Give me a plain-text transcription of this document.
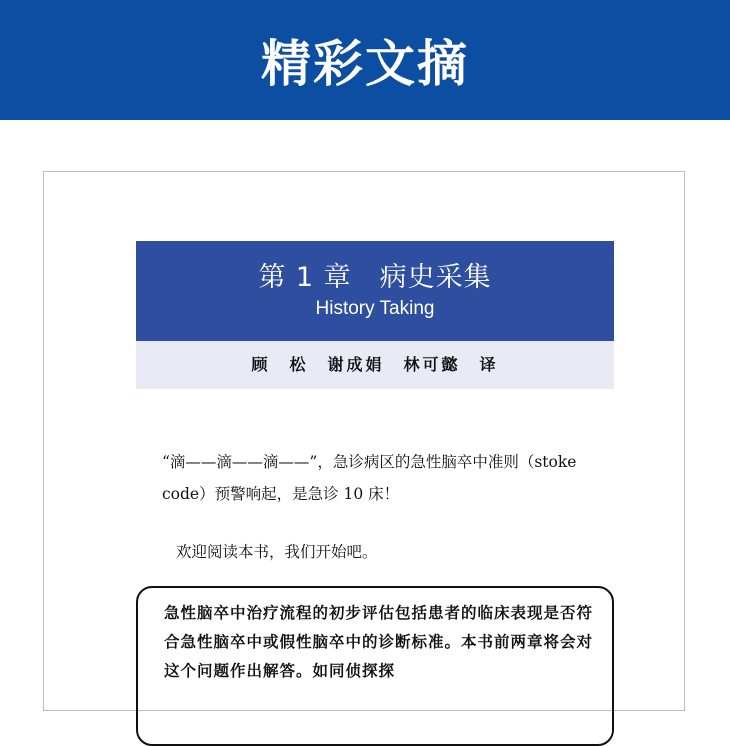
精彩文摘
第 1 章　病史采集
History Taking
顾　松　谢成娟　林可懿　译
“滴——滴——滴——”，急诊病区的急性脑卒中准则（stoke code）预警响起，是急诊 10 床！
欢迎阅读本书，我们开始吧。
急性脑卒中治疗流程的初步评估包括患者的临床表现是否符合急性脑卒中或假性脑卒中的诊断标准。本书前两章将会对这个问题作出解答。如同侦探探
